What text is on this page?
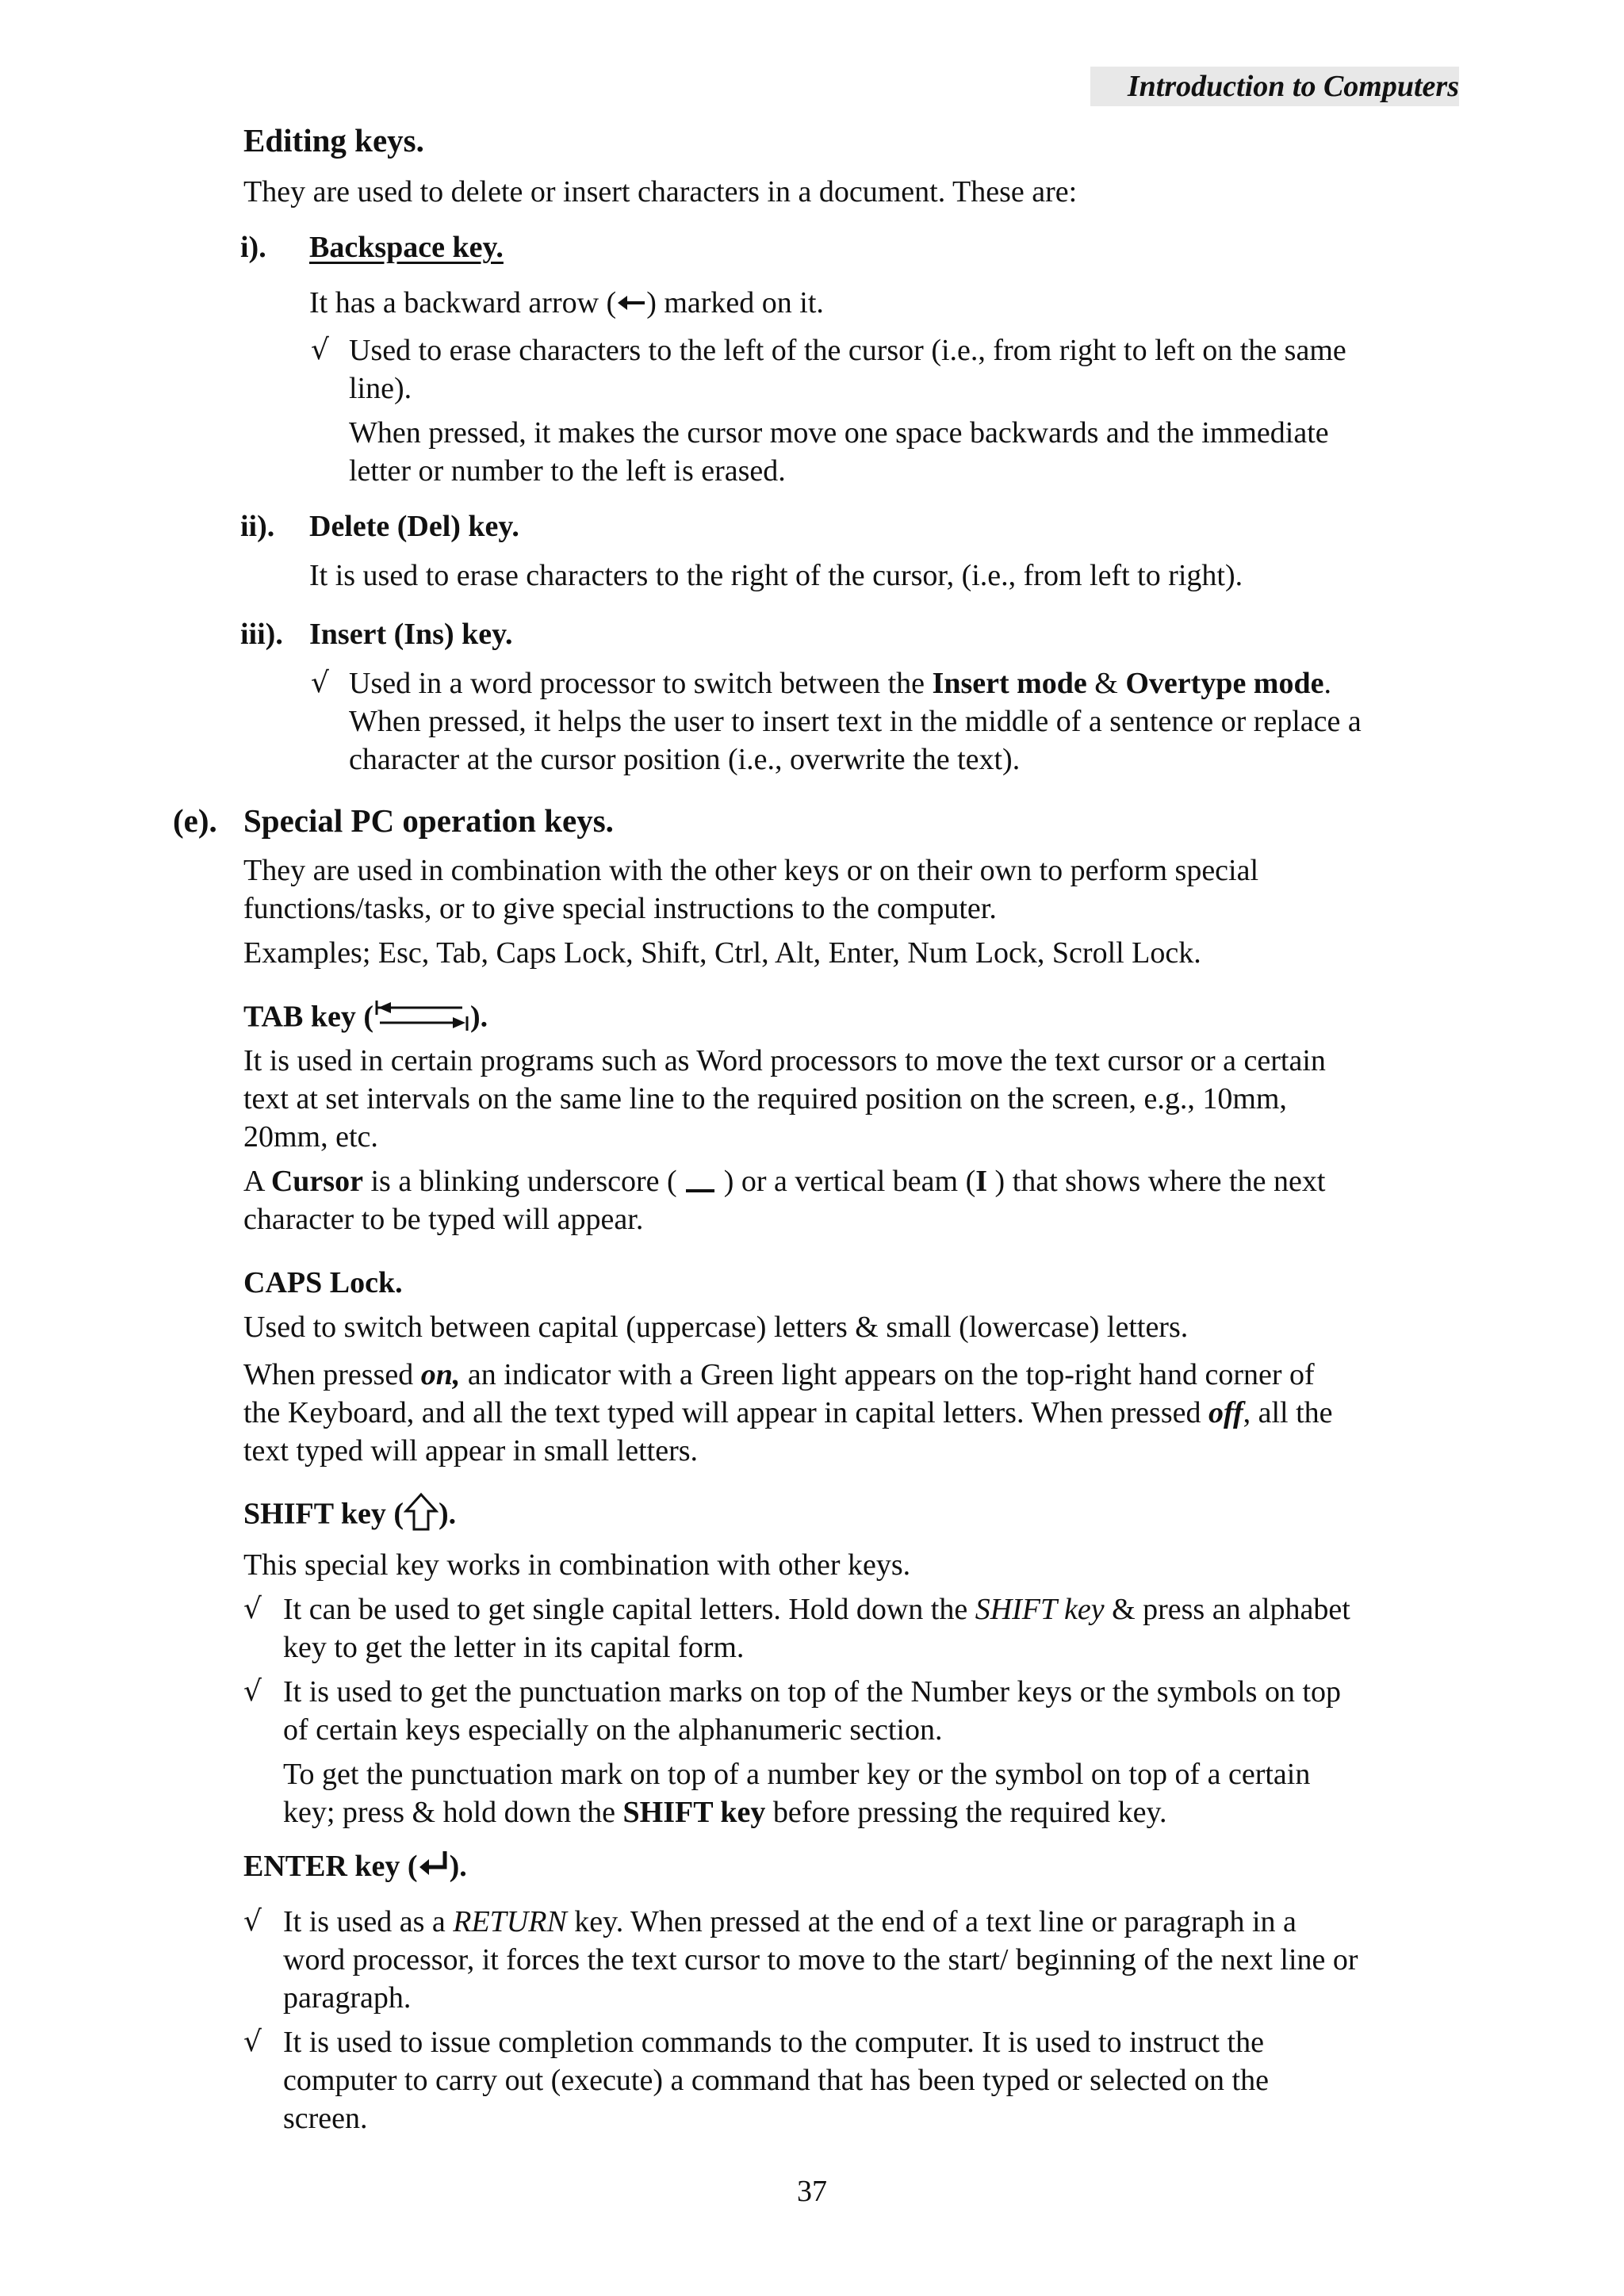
Introduction to Computers
Editing keys.
They are used to delete or insert characters in a document. These are:
i). Backspace key.
It has a backward arrow ( ) marked on it.
√ Used to erase characters to the left of the cursor (i.e., from right to left on the same
line).
When pressed, it makes the cursor move one space backwards and the immediate
letter or number to the left is erased.
ii). Delete (Del) key.
It is used to erase characters to the right of the cursor, (i.e., from left to right).
iii). Insert (Ins) key.
√ Used in a word processor to switch between the Insert mode & Overtype mode.
When pressed, it helps the user to insert text in the middle of a sentence or replace a
character at the cursor position (i.e., overwrite the text).
(e). Special PC operation keys.
They are used in combination with the other keys or on their own to perform special
functions/tasks, or to give special instructions to the computer.
Examples; Esc, Tab, Caps Lock, Shift, Ctrl, Alt, Enter, Num Lock, Scroll Lock.
TAB key (	).
It is used in certain programs such as Word processors to move the text cursor or a certain
text at set intervals on the same line to the required position on the screen, e.g., 10mm,
20mm, etc.
A Cursor is a blinking underscore (  ) or a vertical beam (I ) that shows where the next
character to be typed will appear.
CAPS Lock.
Used to switch between capital (uppercase) letters & small (lowercase) letters.
When pressed on, an indicator with a Green light appears on the top-right hand corner of
the Keyboard, and all the text typed will appear in capital letters. When pressed off, all the
text typed will appear in small letters.
SHIFT key ( ).
This special key works in combination with other keys.
√ It can be used to get single capital letters. Hold down the SHIFT key & press an alphabet
key to get the letter in its capital form.
√ It is used to get the punctuation marks on top of the Number keys or the symbols on top
of certain keys especially on the alphanumeric section.
To get the punctuation mark on top of a number key or the symbol on top of a certain
key; press & hold down the SHIFT key before pressing the required key.
ENTER key ( ).
√ It is used as a RETURN key. When pressed at the end of a text line or paragraph in a
word processor, it forces the text cursor to move to the start/ beginning of the next line or
paragraph.
√ It is used to issue completion commands to the computer. It is used to instruct the
computer to carry out (execute) a command that has been typed or selected on the
screen.
37
